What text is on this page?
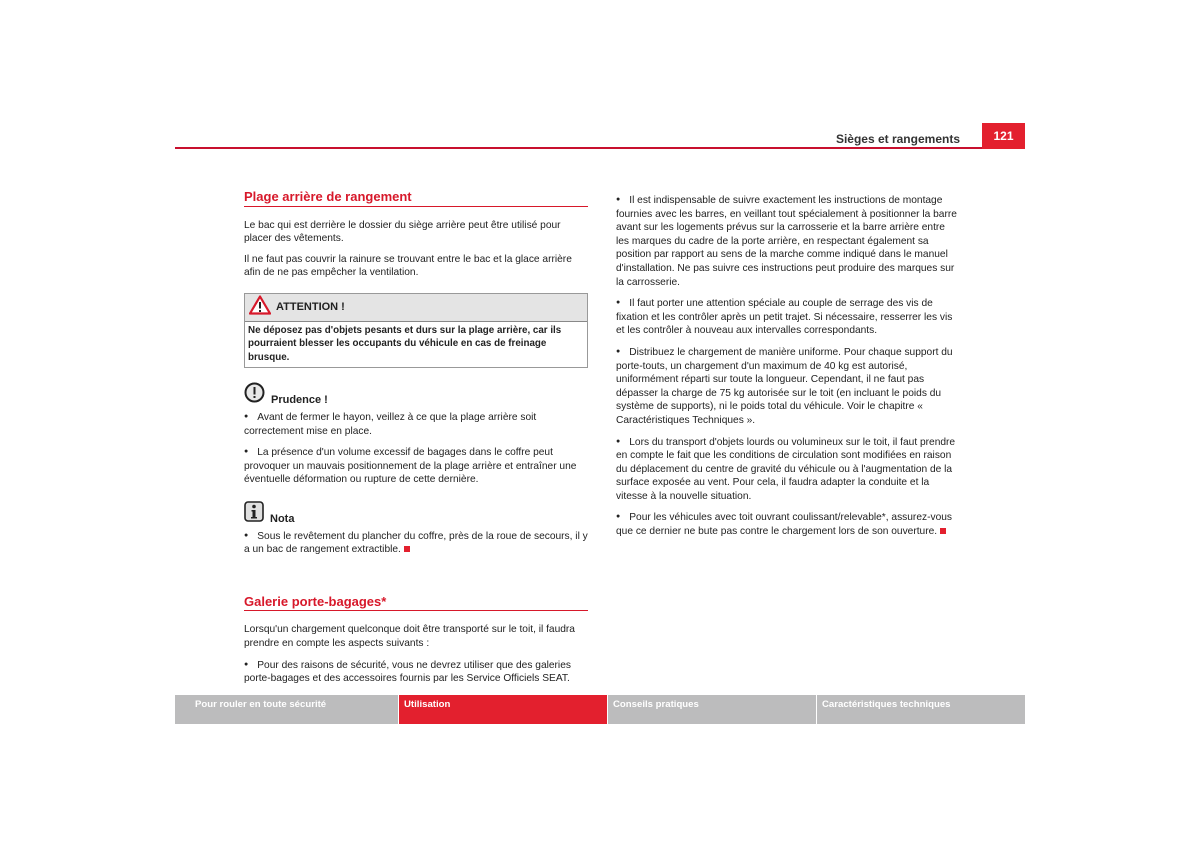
Sièges et rangements	121
Plage arrière de rangement

Le bac qui est derrière le dossier du siège arrière peut être utilisé pour placer des vêtements.

Il ne faut pas couvrir la rainure se trouvant entre le bac et la glace arrière afin de ne pas empêcher la ventilation.

ATTENTION !
Ne déposez pas d'objets pesants et durs sur la plage arrière, car ils pourraient blesser les occupants du véhicule en cas de freinage brusque.
Prudence !

● Avant de fermer le hayon, veillez à ce que la plage arrière soit correctement mise en place.

● La présence d'un volume excessif de bagages dans le coffre peut provoquer un mauvais positionnement de la plage arrière et entraîner une éventuelle déformation ou rupture de cette dernière.

Nota

● Sous le revêtement du plancher du coffre, près de la roue de secours, il y a un bac de rangement extractible.

Galerie porte-bagages*

Lorsqu'un chargement quelconque doit être transporté sur le toit, il faudra prendre en compte les aspects suivants :

● Pour des raisons de sécurité, vous ne devrez utiliser que des galeries porte-bagages et des accessoires fournis par les Service Officiels SEAT.

● Il est indispensable de suivre exactement les instructions de montage fournies avec les barres, en veillant tout spécialement à positionner la barre avant sur les logements prévus sur la carrosserie et la barre arrière entre les marques du cadre de la porte arrière, en respectant également sa position par rapport au sens de la marche comme indiqué dans le manuel d'installation. Ne pas suivre ces instructions peut produire des marques sur la carrosserie.

● Il faut porter une attention spéciale au couple de serrage des vis de fixation et les contrôler après un petit trajet. Si nécessaire, resserrer les vis et les contrôler à nouveau aux intervalles correspondants.

● Distribuez le chargement de manière uniforme. Pour chaque support du porte-touts, un chargement d'un maximum de 40 kg est autorisé, uniformément réparti sur toute la longueur. Cependant, il ne faut pas dépasser la charge de 75 kg autorisée sur le toit (en incluant le poids du système de supports), ni le poids total du véhicule. Voir le chapitre « Caractéristiques Techniques ».

● Lors du transport d'objets lourds ou volumineux sur le toit, il faut prendre en compte le fait que les conditions de circulation sont modifiées en raison du déplacement du centre de gravité du véhicule ou à l'augmentation de la surface exposée au vent. Pour cela, il faudra adapter la conduite et la vitesse à la nouvelle situation.

● Pour les véhicules avec toit ouvrant coulissant/relevable*, assurez-vous que ce dernier ne bute pas contre le chargement lors de son ouverture.

Pour rouler en toute sécurité	Utilisation	Conseils pratiques	Caractéristiques techniques
